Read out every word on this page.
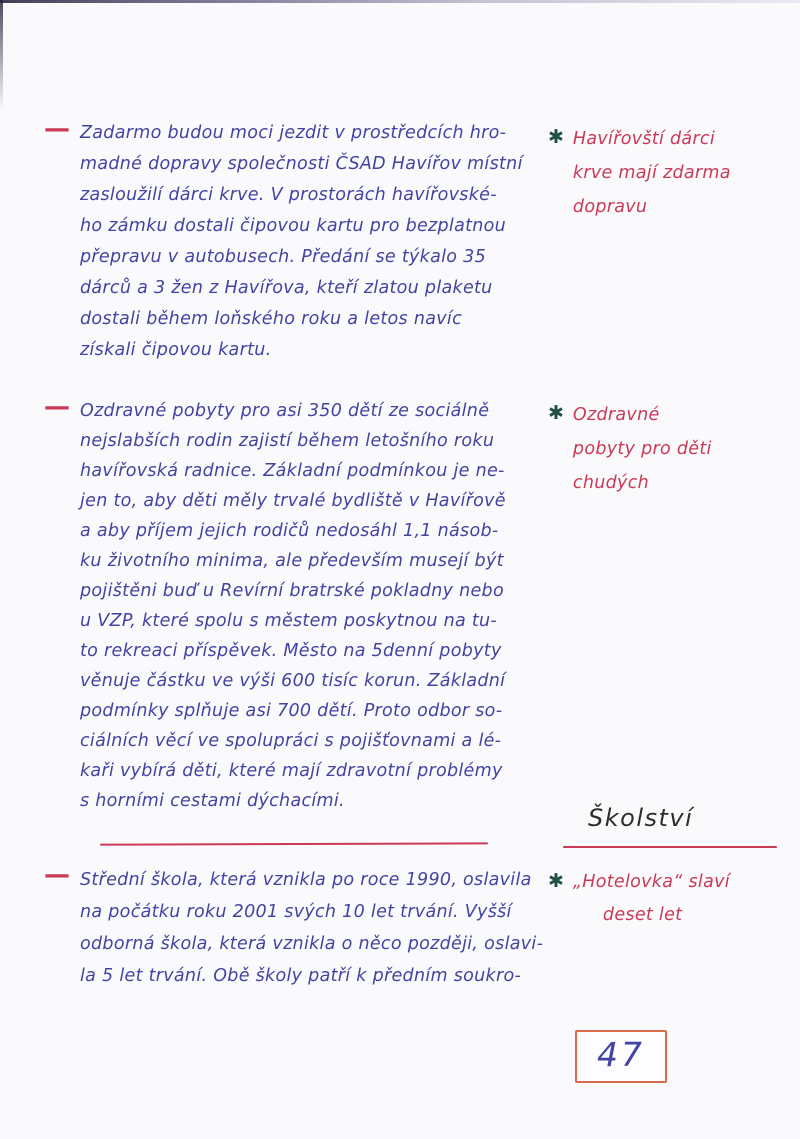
— Zadarmo budou moci jezdit v prostředcích hro-
madné dopravy společnosti ČSAD Havířov místní
zasloužilí dárci krve. V prostorách havířovské-
ho zámku dostali čipovou kartu pro bezplatnou
přepravu v autobusech. Předání se týkalo 35
dárců a 3 žen z Havířova, kteří zlatou plaketu
dostali během loňského roku a letos navíc
získali čipovou kartu.
✱ Havířovští dárci
krve mají zdarma
dopravu
— Ozdravné pobyty pro asi 350 dětí ze sociálně
nejslabších rodin zajistí během letošního roku
havířovská radnice. Základní podmínkou je ne-
jen to, aby děti měly trvalé bydliště v Havířově
a aby příjem jejich rodičů nedosáhl 1,1 násob-
ku životního minima, ale především musejí být
pojištěni buď u Revírní bratrské pokladny nebo
u VZP, které spolu s městem poskytnou na tu-
to rekreaci příspěvek. Město na 5denní pobyty
věnuje částku ve výši 600 tisíc korun. Základní
podmínky splňuje asi 700 dětí. Proto odbor so-
ciálních věcí ve spolupráci s pojišťovnami a lé-
kaři vybírá děti, které mají zdravotní problémy
s horními cestami dýchacími.
✱ Ozdravné
pobyty pro děti
chudých
Školství
— Střední škola, která vznikla po roce 1990, oslavila
na počátku roku 2001 svých 10 let trvání. Vyšší
odborná škola, která vznikla o něco později, oslavi-
la 5 let trvání. Obě školy patří k předním soukro-
✱ „Hotelovka“ slaví
deset let
47
